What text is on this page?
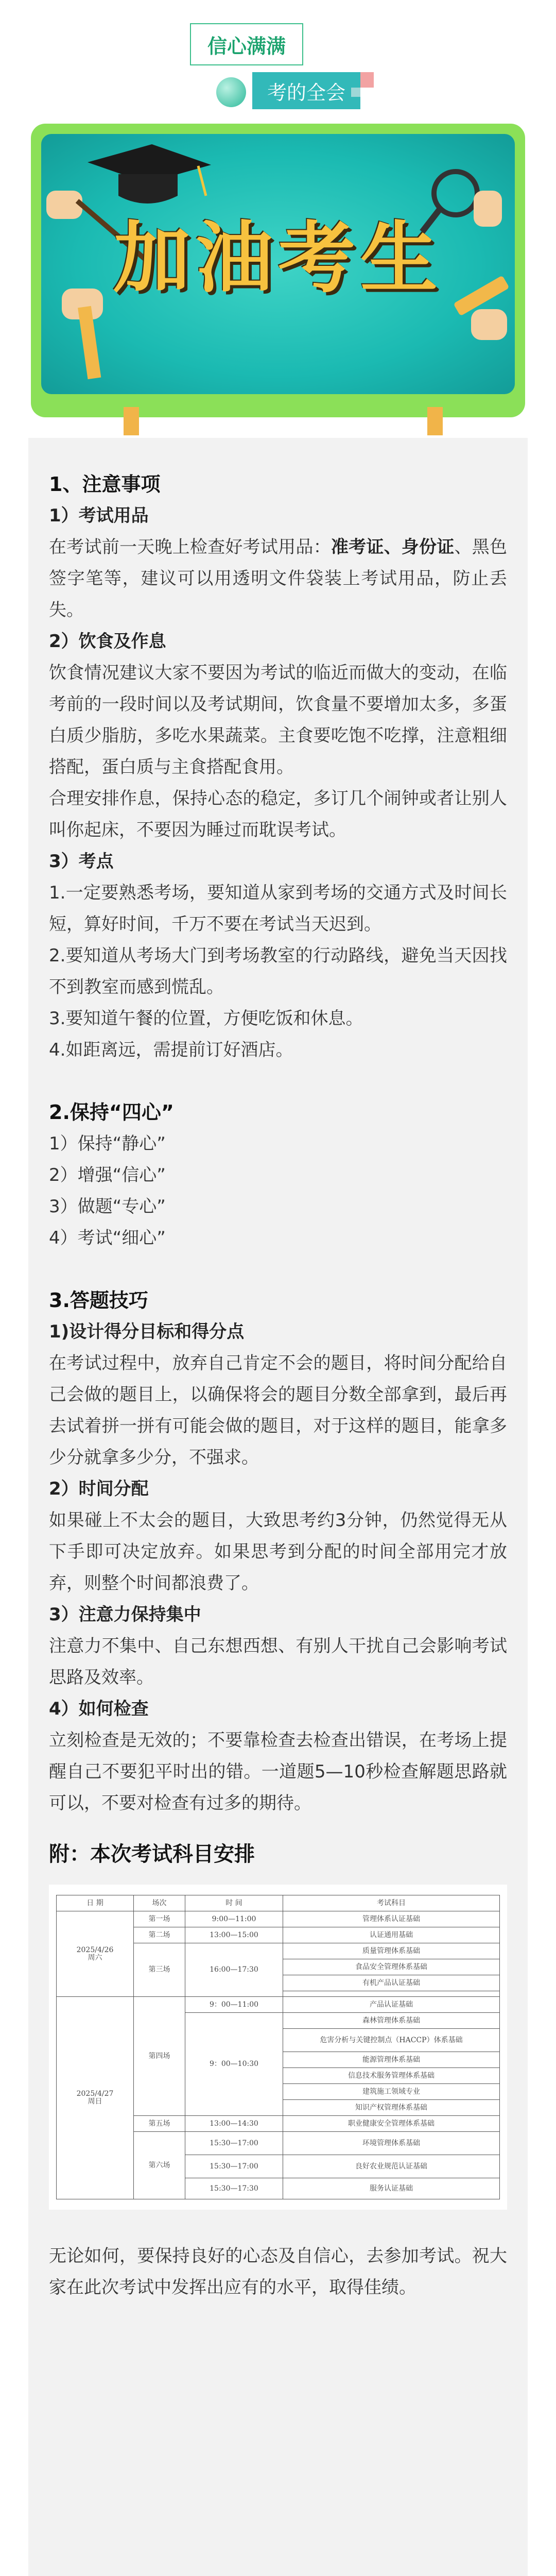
信心满满
考的全会
加油考生

1、注意事项

1）考试用品

在考试前一天晚上检查好考试用品：准考证、身份证、黑色签字笔等，建议可以用透明文件袋装上考试用品，防止丢失。

2）饮食及作息

饮食情况建议大家不要因为考试的临近而做大的变动，在临考前的一段时间以及考试期间，饮食量不要增加太多，多蛋白质少脂肪，多吃水果蔬菜。主食要吃饱不吃撑，注意粗细搭配，蛋白质与主食搭配食用。

合理安排作息，保持心态的稳定，多订几个闹钟或者让别人叫你起床，不要因为睡过而耽误考试。

3）考点

1.一定要熟悉考场，要知道从家到考场的交通方式及时间长短，算好时间，千万不要在考试当天迟到。

2.要知道从考场大门到考场教室的行动路线，避免当天因找不到教室而感到慌乱。

3.要知道午餐的位置，方便吃饭和休息。

4.如距离远，需提前订好酒店。

2.保持“四心”

1）保持“静心”

2）增强“信心”

3）做题“专心”

4）考试“细心”

3.答题技巧

1)设计得分目标和得分点

在考试过程中，放弃自己肯定不会的题目，将时间分配给自己会做的题目上，以确保将会的题目分数全部拿到，最后再去试着拼一拼有可能会做的题目，对于这样的题目，能拿多少分就拿多少分，不强求。

2）时间分配

如果碰上不太会的题目，大致思考约3分钟，仍然觉得无从下手即可决定放弃。如果思考到分配的时间全部用完才放弃，则整个时间都浪费了。

3）注意力保持集中

注意力不集中、自己东想西想、有别人干扰自己会影响考试思路及效率。

4）如何检查

立刻检查是无效的；不要靠检查去检查出错误，在考场上提醒自己不要犯平时出的错。一道题5—10秒检查解题思路就可以，不要对检查有过多的期待。

附：本次考试科目安排

日 期	场次	时 间	考试科目
2025/4/26
周六	第一场	9:00—11:00	管理体系认证基础
	第二场	13:00—15:00	认证通用基础
	第三场	16:00—17:30	质量管理体系基础
			食品安全管理体系基础
			有机产品认证基础

2025/4/27
周日	第四场	9：00—11:00	产品认证基础
		9：00—10:30	森林管理体系基础
			危害分析与关键控制点（HACCP）体系基础
			能源管理体系基础
			信息技术服务管理体系基础
			建筑施工领域专业
			知识产权管理体系基础
	第五场	13:00—14:30	职业健康安全管理体系基础
	第六场	15:30—17:00	环境管理体系基础
		15:30—17:00	良好农业规范认证基础
		15:30—17:30	服务认证基础

无论如何，要保持良好的心态及自信心，去参加考试。祝大家在此次考试中发挥出应有的水平，取得佳绩。
